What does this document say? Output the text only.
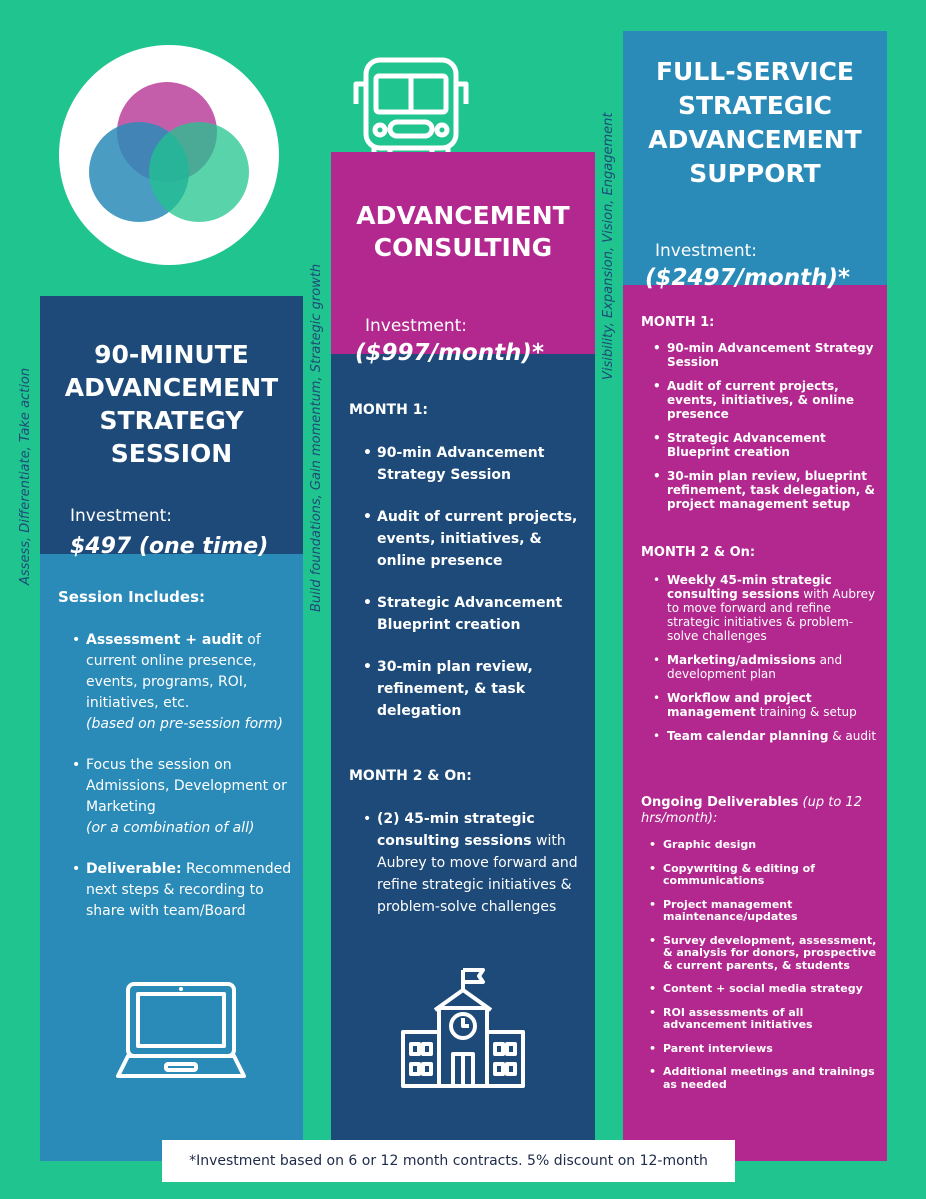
Assess, Differentiate, Take action	Build foundations, Gain momentum, Strategic growth
Visibility, Expansion, Vision, Engagement
90-MINUTE
ADVANCEMENT
STRATEGY
SESSION
Investment:
$497 (one time)
Session Includes:
• Assessment + audit of current online presence, events, programs, ROI, initiatives, etc.
(based on pre-session form)
• Focus the session on Admissions, Development or Marketing
(or a combination of all)
• Deliverable: Recommended next steps & recording to share with team/Board
ADVANCEMENT
CONSULTING
Investment:
($997/month)*
MONTH 1:
• 90-min Advancement Strategy Session
• Audit of current projects, events, initiatives, & online presence
• Strategic Advancement Blueprint creation
• 30-min plan review, refinement, & task delegation
MONTH 2 & On:
• (2) 45-min strategic consulting sessions with Aubrey to move forward and refine strategic initiatives & problem-solve challenges
FULL-SERVICE
STRATEGIC
ADVANCEMENT
SUPPORT
Investment:
($2497/month)*
MONTH 1:
• 90-min Advancement Strategy Session
• Audit of current projects, events, initiatives, & online presence
• Strategic Advancement Blueprint creation
• 30-min plan review, blueprint refinement, task delegation, & project management setup
MONTH 2 & On:
• Weekly 45-min strategic consulting sessions with Aubrey to move forward and refine strategic initiatives & problem-solve challenges
• Marketing/admissions and development plan
• Workflow and project management training & setup
• Team calendar planning & audit
Ongoing Deliverables (up to 12 hrs/month):
• Graphic design
• Copywriting & editing of communications
• Project management maintenance/updates
• Survey development, assessment, & analysis for donors, prospective & current parents, & students
• Content + social media strategy
• ROI assessments of all advancement initiatives
• Parent interviews
• Additional meetings and trainings as needed
*Investment based on 6 or 12 month contracts. 5% discount on 12-month
